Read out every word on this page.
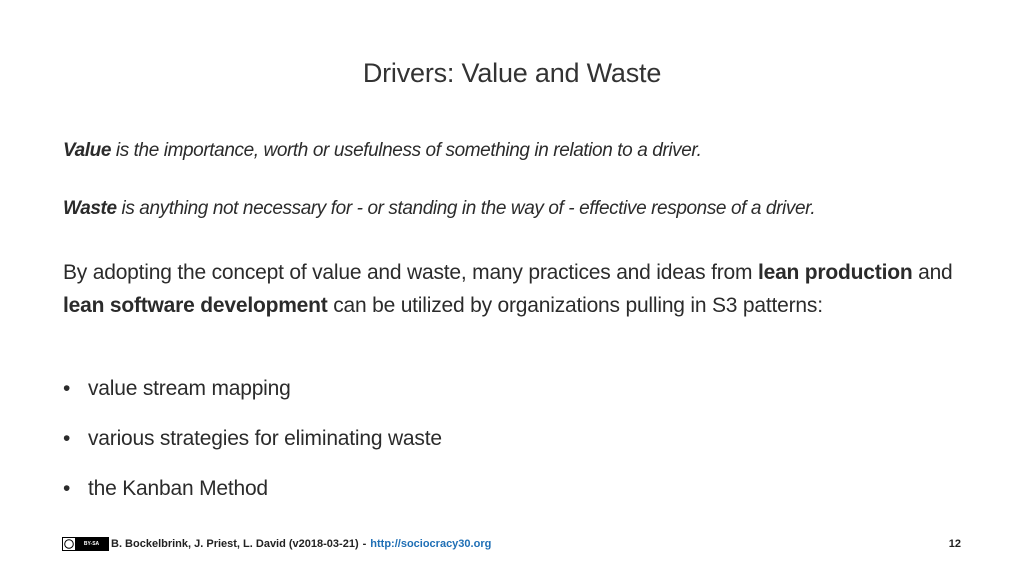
Drivers: Value and Waste
Value is the importance, worth or usefulness of something in relation to a driver.
Waste is anything not necessary for - or standing in the way of - effective response of a driver.
By adopting the concept of value and waste, many practices and ideas from lean production and lean software development can be utilized by organizations pulling in S3 patterns:
• value stream mapping
• various strategies for eliminating waste
• the Kanban Method
BY-SA	B. Bockelbrink, J. Priest, L. David (v2018-03-21) - http://sociocracy30.org	12
